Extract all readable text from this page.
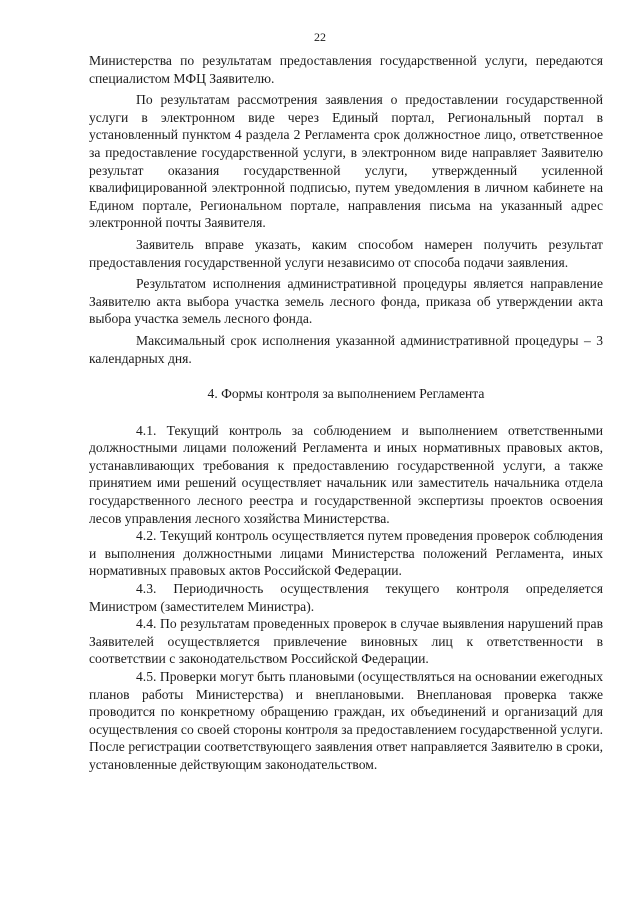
22

Министерства по результатам предоставления государственной услуги, передаются специалистом МФЦ Заявителю.

По результатам рассмотрения заявления о предоставлении государственной услуги в электронном виде через Единый портал, Региональный портал в установленный пунктом 4 раздела 2 Регламента срок должностное лицо, ответственное за предоставление государственной услуги, в электронном виде направляет Заявителю результат оказания государственной услуги, утвержденный усиленной квалифицированной электронной подписью, путем уведомления в личном кабинете на Едином портале, Региональном портале, направления письма на указанный адрес электронной почты Заявителя.

Заявитель вправе указать, каким способом намерен получить результат предоставления государственной услуги независимо от способа подачи заявления.

Результатом исполнения административной процедуры является направление Заявителю акта выбора участка земель лесного фонда, приказа об утверждении акта выбора участка земель лесного фонда.

Максимальный срок исполнения указанной административной процедуры – 3 календарных дня.

4. Формы контроля за выполнением Регламента

4.1. Текущий контроль за соблюдением и выполнением ответственными должностными лицами положений Регламента и иных нормативных правовых актов, устанавливающих требования к предоставлению государственной услуги, а также принятием ими решений осуществляет начальник или заместитель начальника отдела государственного лесного реестра и государственной экспертизы проектов освоения лесов управления лесного хозяйства Министерства.

4.2. Текущий контроль осуществляется путем проведения проверок соблюдения и выполнения должностными лицами Министерства положений Регламента, иных нормативных правовых актов Российской Федерации.

4.3. Периодичность осуществления текущего контроля определяется Министром (заместителем Министра).

4.4. По результатам проведенных проверок в случае выявления нарушений прав Заявителей осуществляется привлечение виновных лиц к ответственности в соответствии с законодательством Российской Федерации.

4.5. Проверки могут быть плановыми (осуществляться на основании ежегодных планов работы Министерства) и внеплановыми. Внеплановая проверка также проводится по конкретному обращению граждан, их объединений и организаций для осуществления со своей стороны контроля за предоставлением государственной услуги. После регистрации соответствующего заявления ответ направляется Заявителю в сроки, установленные действующим законодательством.
